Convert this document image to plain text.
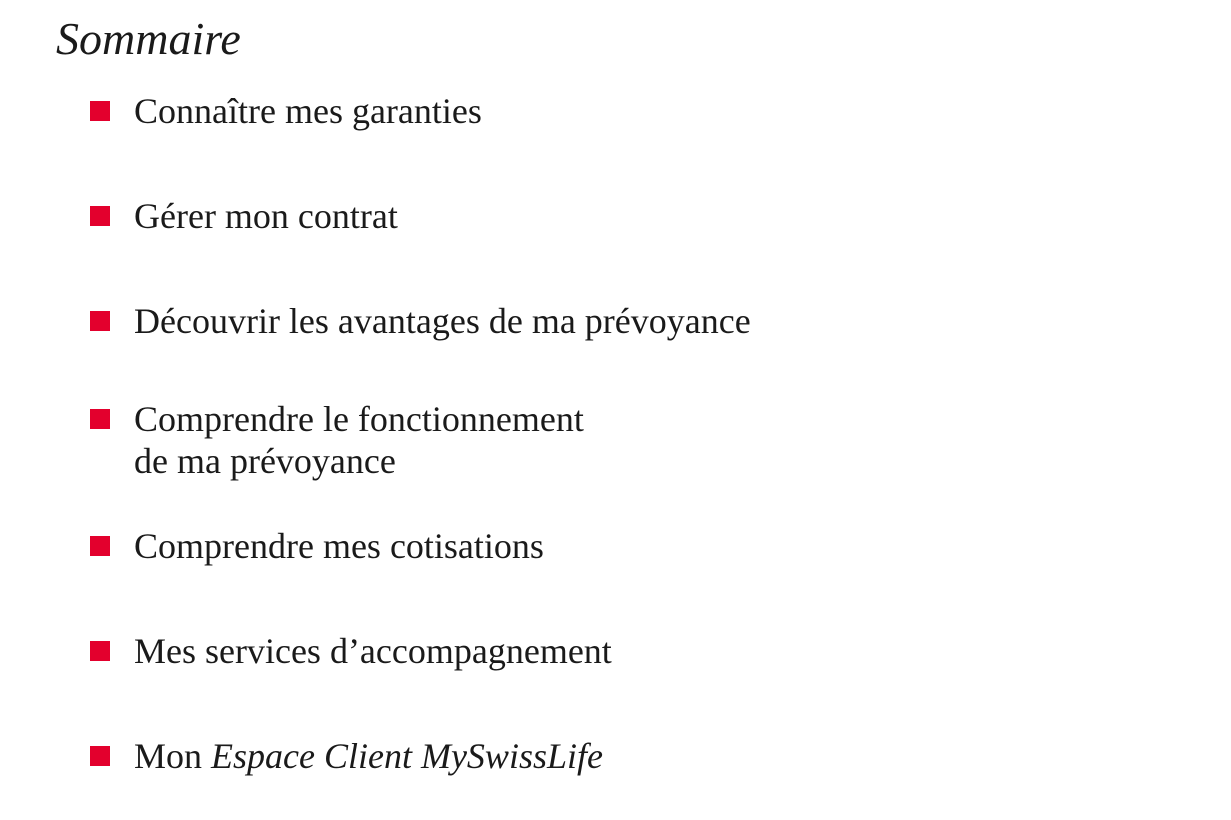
Sommaire
Connaître mes garanties
Gérer mon contrat
Découvrir les avantages de ma prévoyance
Comprendre le fonctionnement
de ma prévoyance
Comprendre mes cotisations
Mes services d’accompagnement
Mon Espace Client MySwissLife
